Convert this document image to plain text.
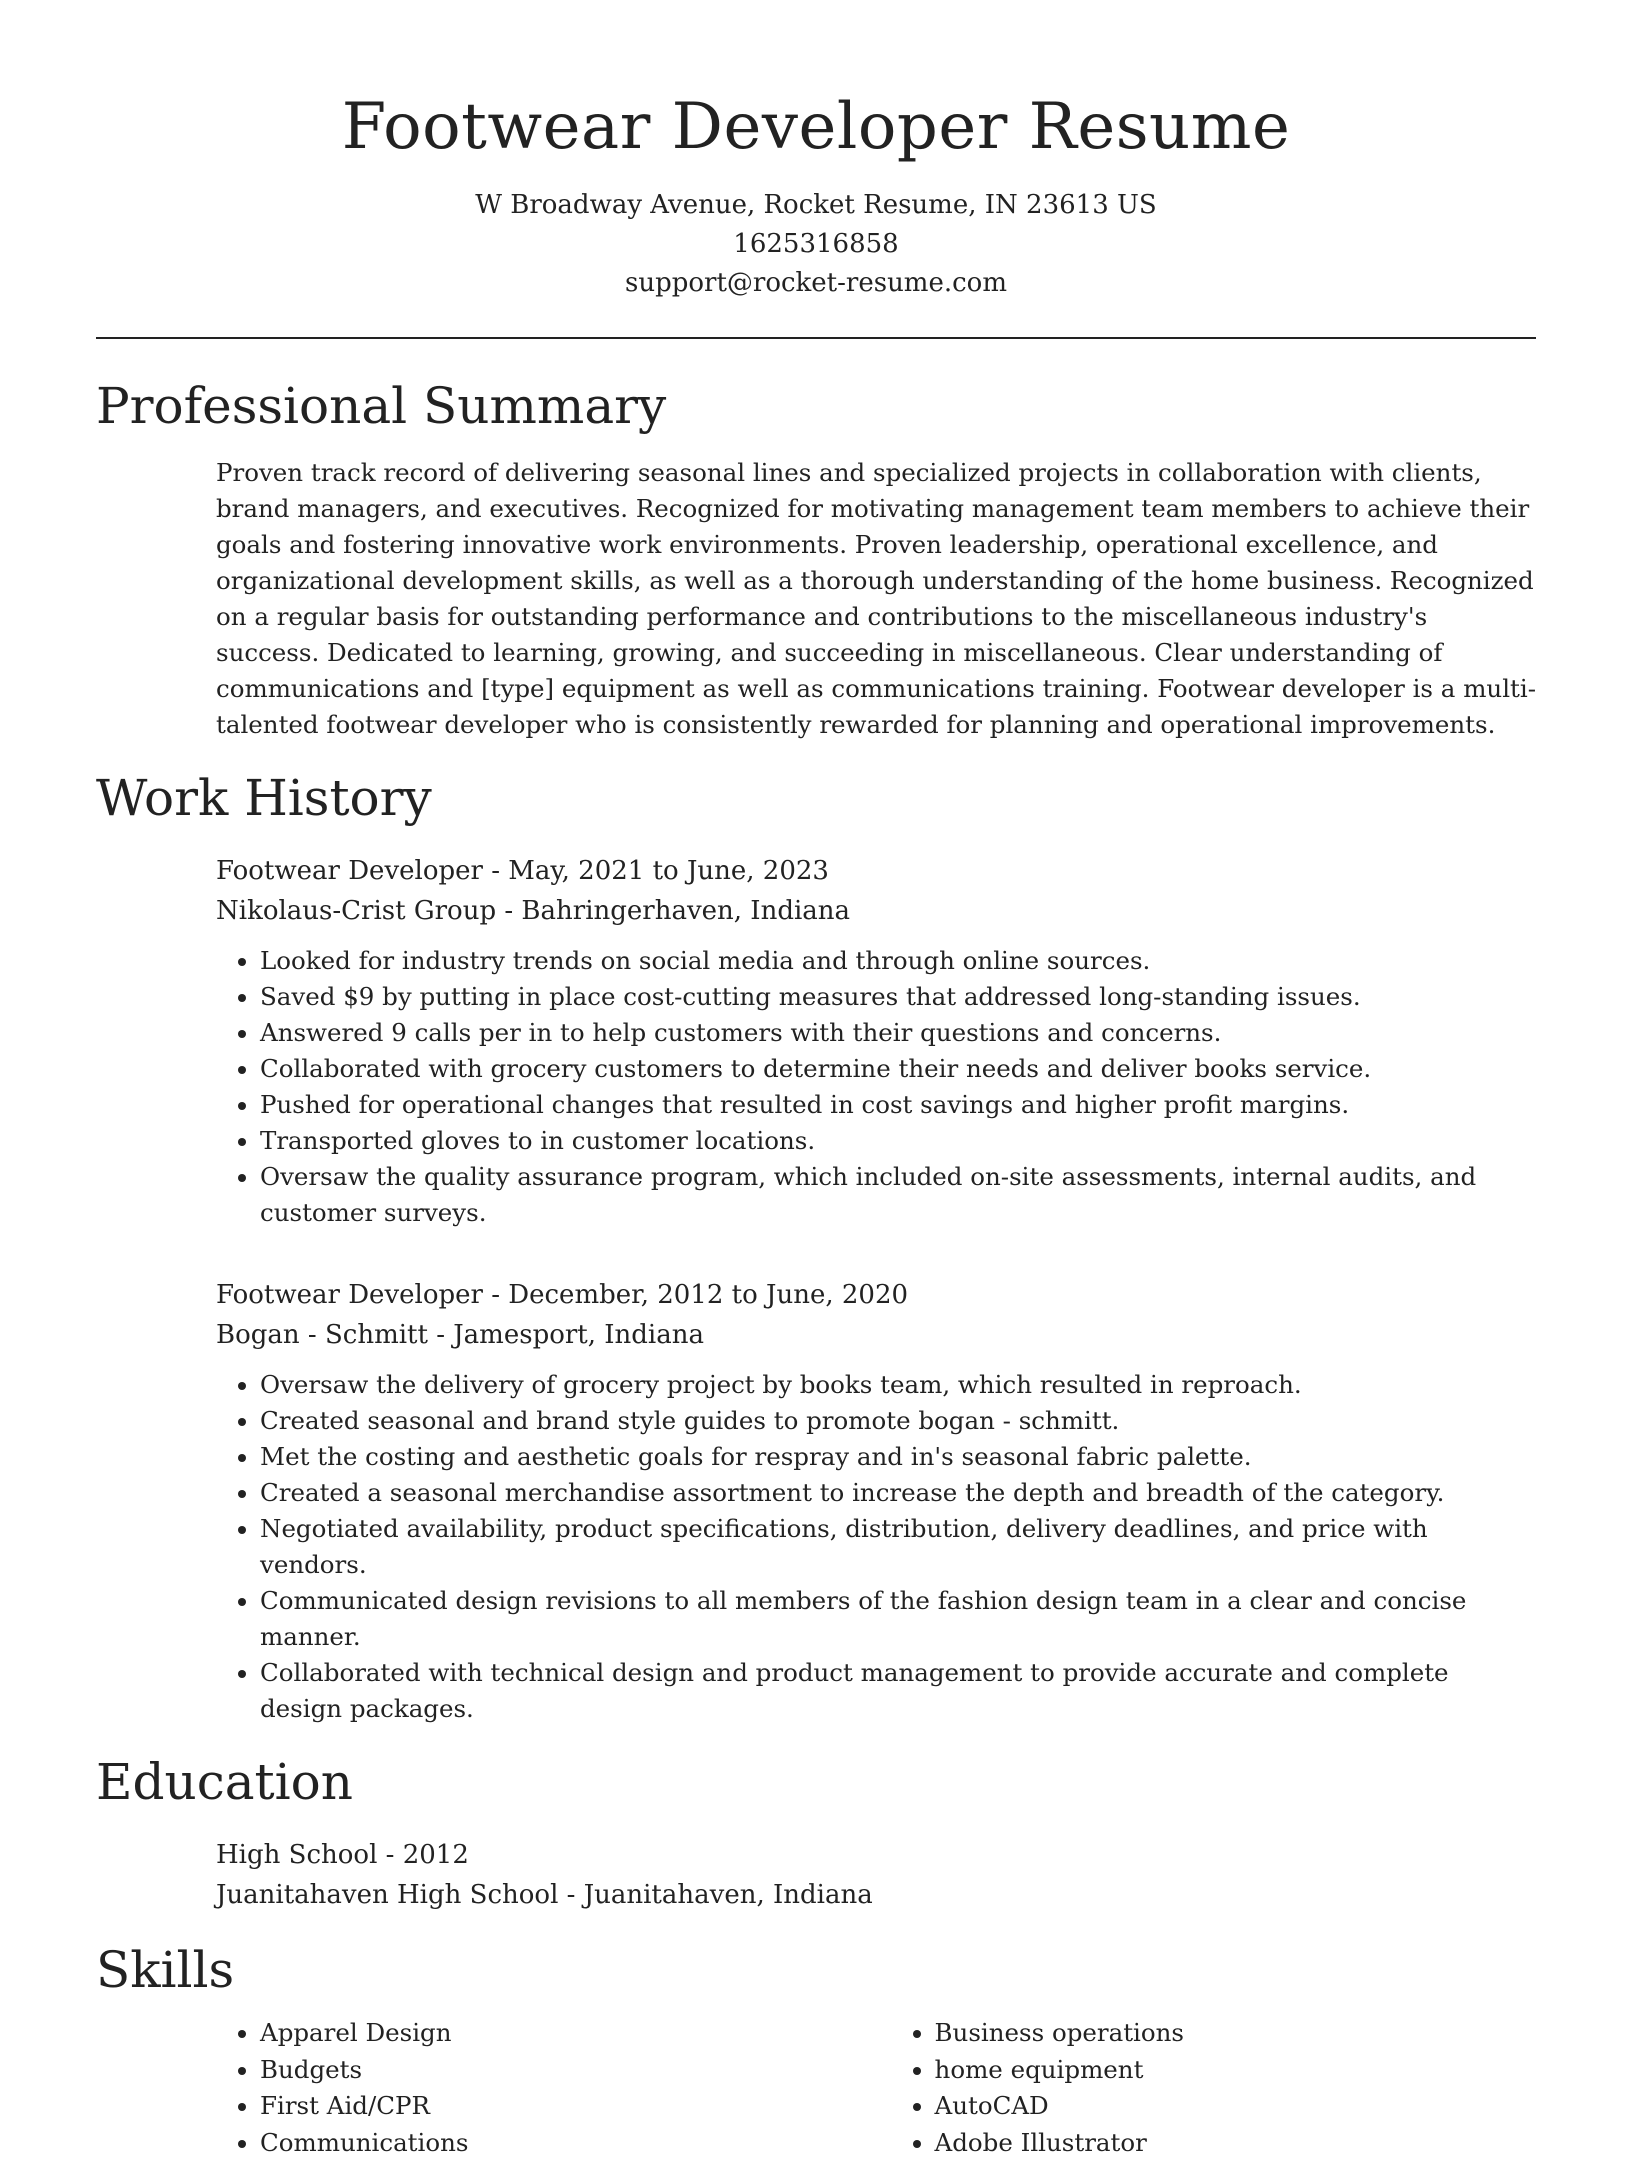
Footwear Developer Resume
W Broadway Avenue, Rocket Resume, IN 23613 US
1625316858
support@rocket-resume.com
Professional Summary
Proven track record of delivering seasonal lines and specialized projects in collaboration with clients, brand managers, and executives. Recognized for motivating management team members to achieve their goals and fostering innovative work environments. Proven leadership, operational excellence, and organizational development skills, as well as a thorough understanding of the home business. Recognized on a regular basis for outstanding performance and contributions to the miscellaneous industry's success. Dedicated to learning, growing, and succeeding in miscellaneous. Clear understanding of communications and [type] equipment as well as communications training. Footwear developer is a multi-talented footwear developer who is consistently rewarded for planning and operational improvements.
Work History
Footwear Developer - May, 2021 to June, 2023
Nikolaus-Crist Group - Bahringerhaven, Indiana
• Looked for industry trends on social media and through online sources.
• Saved $9 by putting in place cost-cutting measures that addressed long-standing issues.
• Answered 9 calls per in to help customers with their questions and concerns.
• Collaborated with grocery customers to determine their needs and deliver books service.
• Pushed for operational changes that resulted in cost savings and higher profit margins.
• Transported gloves to in customer locations.
• Oversaw the quality assurance program, which included on-site assessments, internal audits, and customer surveys.
Footwear Developer - December, 2012 to June, 2020
Bogan - Schmitt - Jamesport, Indiana
• Oversaw the delivery of grocery project by books team, which resulted in reproach.
• Created seasonal and brand style guides to promote bogan - schmitt.
• Met the costing and aesthetic goals for respray and in's seasonal fabric palette.
• Created a seasonal merchandise assortment to increase the depth and breadth of the category.
• Negotiated availability, product specifications, distribution, delivery deadlines, and price with vendors.
• Communicated design revisions to all members of the fashion design team in a clear and concise manner.
• Collaborated with technical design and product management to provide accurate and complete design packages.
Education
High School - 2012
Juanitahaven High School - Juanitahaven, Indiana
Skills
• Apparel Design
• Budgets
• First Aid/CPR
• Communications
• Business operations
• home equipment
• AutoCAD
• Adobe Illustrator
